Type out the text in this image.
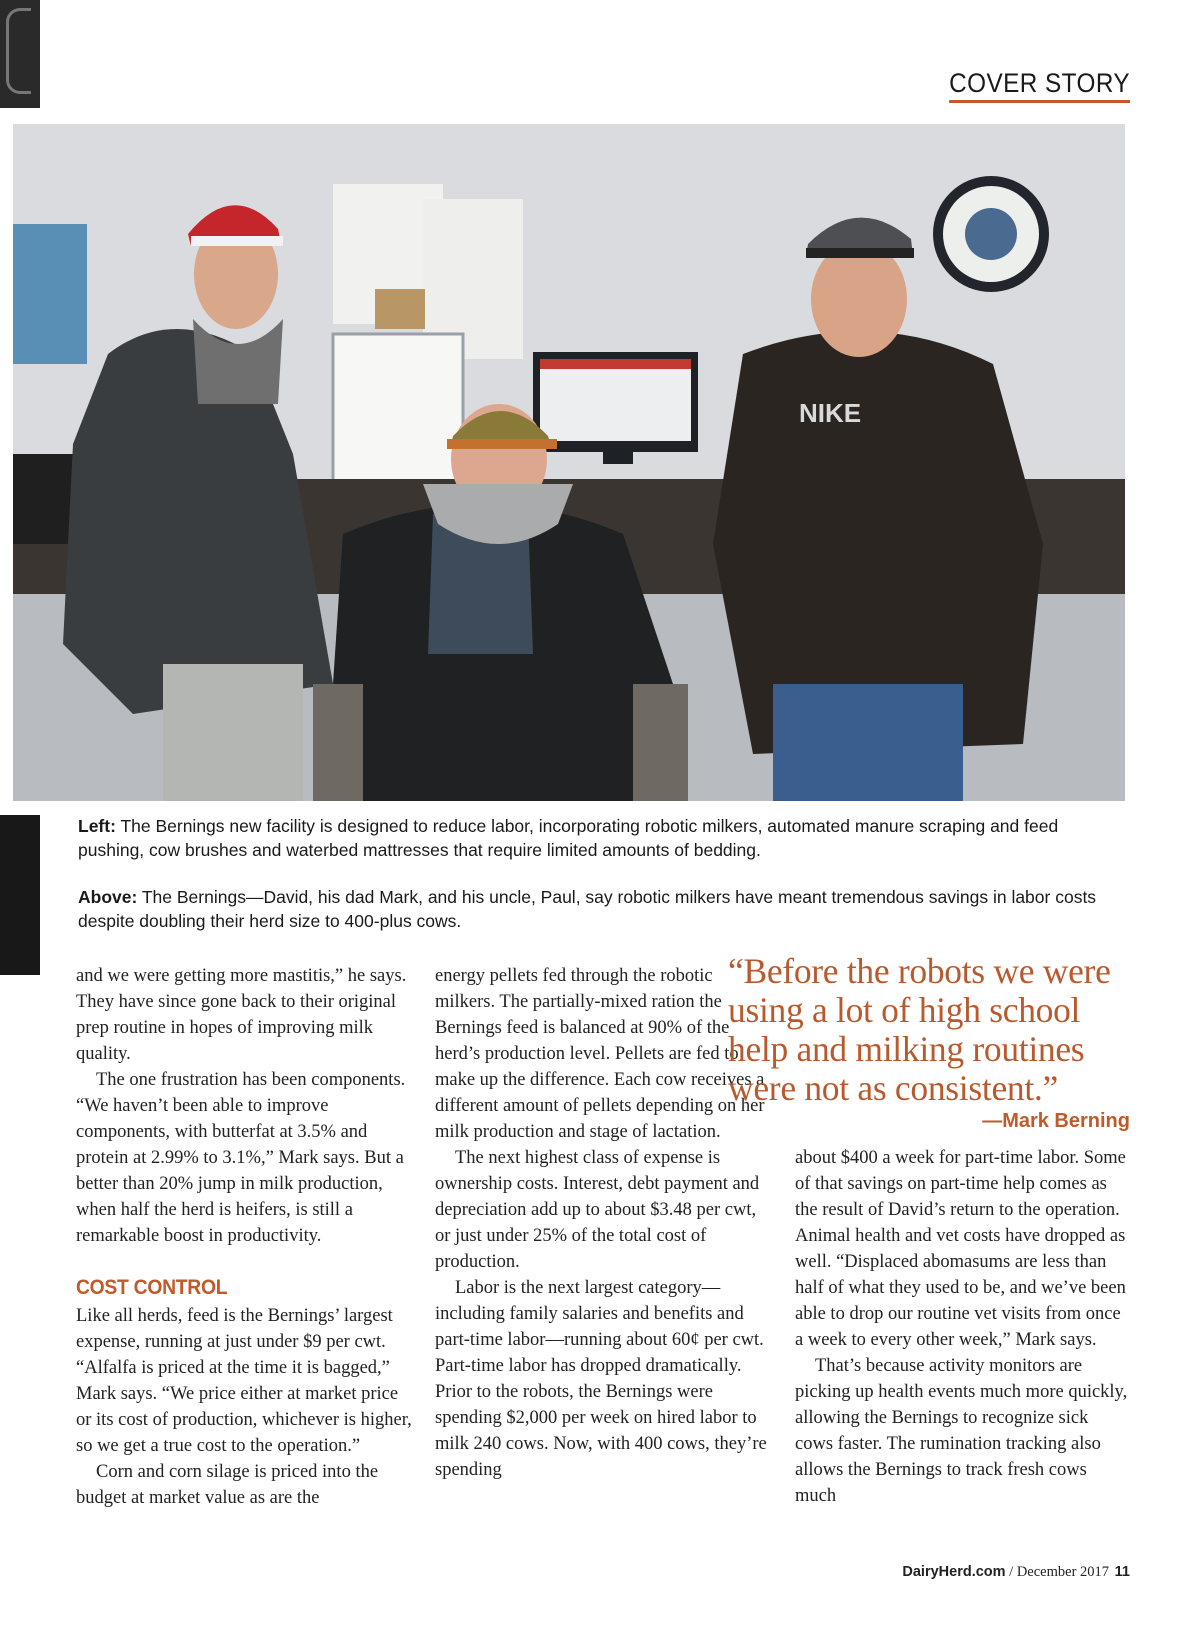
COVER STORY
NIKE

Left: The Bernings new facility is designed to reduce labor, incorporating robotic milkers, automated manure scraping and feed pushing, cow brushes and waterbed mattresses that require limited amounts of bedding.

Above: The Bernings—David, his dad Mark, and his uncle, Paul, say robotic milkers have meant tremendous savings in labor costs despite doubling their herd size to 400-plus cows.

and we were getting more mastitis,” he says. They have since gone back to their original prep routine in hopes of improving milk quality.

The one frustration has been components. “We haven’t been able to improve components, with butterfat at 3.5% and protein at 2.99% to 3.1%,” Mark says. But a better than 20% jump in milk production, when half the herd is heifers, is still a remarkable boost in productivity.

COST CONTROL

Like all herds, feed is the Bernings’ largest expense, running at just under $9 per cwt. “Alfalfa is priced at the time it is bagged,” Mark says. “We price either at market price or its cost of production, whichever is higher, so we get a true cost to the operation.”

Corn and corn silage is priced into the budget at market value as are the

energy pellets fed through the robotic milkers. The partially-mixed ration the Bernings feed is balanced at 90% of the herd’s production level. Pellets are fed to make up the difference. Each cow receives a different amount of pellets depending on her milk production and stage of lactation.

The next highest class of expense is ownership costs. Interest, debt payment and depreciation add up to about $3.48 per cwt, or just under 25% of the total cost of production.

Labor is the next largest category—including family salaries and benefits and part-time labor—running about 60¢ per cwt. Part-time labor has dropped dramatically. Prior to the robots, the Bernings were spending $2,000 per week on hired labor to milk 240 cows. Now, with 400 cows, they’re spending

“Before the robots we were using a lot of high school help and milking routines were not as consistent.”
—Mark Berning

about $400 a week for part-time labor. Some of that savings on part-time help comes as the result of David’s return to the operation. Animal health and vet costs have dropped as well. “Displaced abomasums are less than half of what they used to be, and we’ve been able to drop our routine vet visits from once a week to every other week,” Mark says.

That’s because activity monitors are picking up health events much more quickly, allowing the Bernings to recognize sick cows faster. The rumination tracking also allows the Bernings to track fresh cows much

DairyHerd.com / December 2017 11
